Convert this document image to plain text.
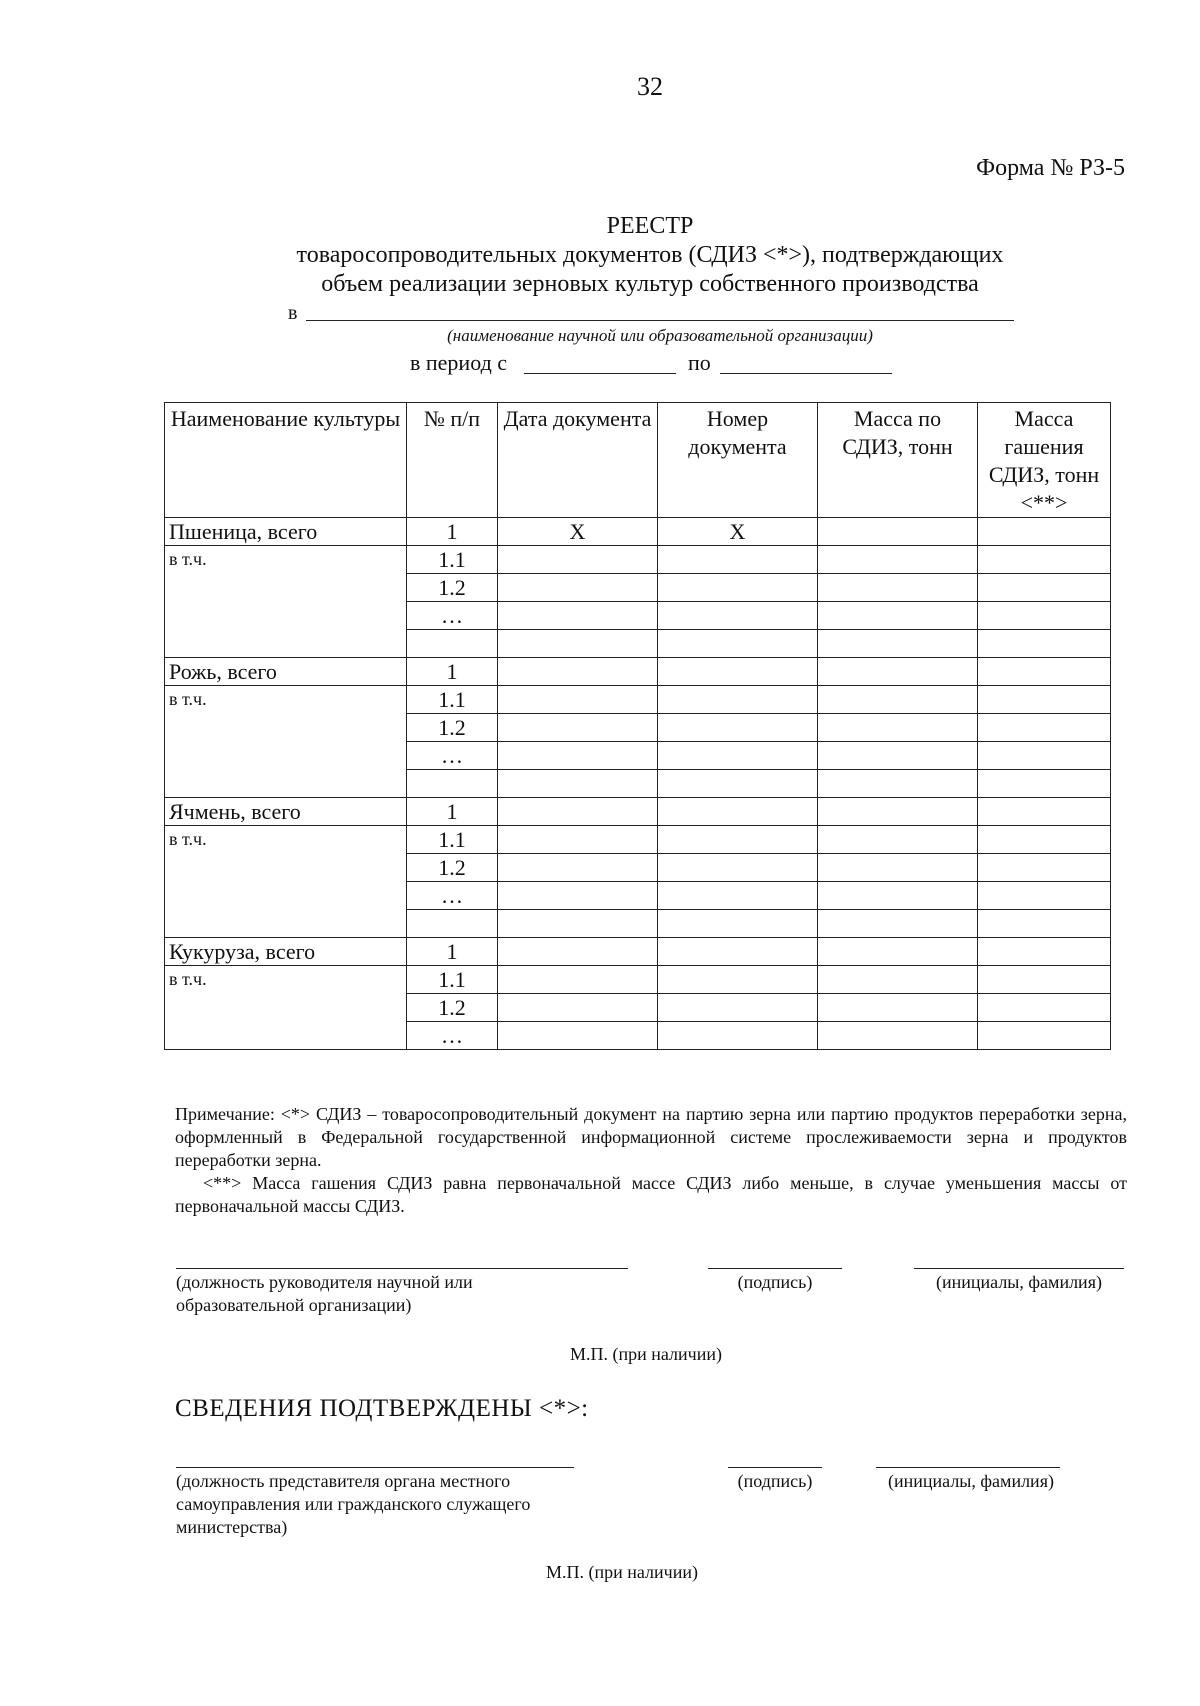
32
Форма № РЗ-5
РЕЕСТР
товаросопроводительных документов (СДИЗ <*>), подтверждающих
объем реализации зерновых культур собственного производства
в
(наименование научной или образовательной организации)
в период с	по
Наименование культуры	№ п/п	Дата документа	Номер документа	Масса по СДИЗ, тонн	Масса гашения СДИЗ, тонн <**>
Пшеница, всего	1	Х	Х		
в т.ч.	1.1				
	1.2				
	…				

Рожь, всего	1				
в т.ч.	1.1				
	1.2				
	…				

Ячмень, всего	1				
в т.ч.	1.1				
	1.2				
	…				

Кукуруза, всего	1				
в т.ч.	1.1				
	1.2				
	…				
Примечание: <*> СДИЗ – товаросопроводительный документ на партию зерна или партию продуктов переработки зерна, оформленный в Федеральной государственной информационной системе прослеживаемости зерна и продуктов переработки зерна.
<**> Масса гашения СДИЗ равна первоначальной массе СДИЗ либо меньше, в случае уменьшения массы от первоначальной массы СДИЗ.
(должность руководителя научной или образовательной организации)
(подпись)	(инициалы, фамилия)
М.П. (при наличии)
СВЕДЕНИЯ ПОДТВЕРЖДЕНЫ <*>:
(должность представителя органа местного самоуправления или гражданского служащего министерства)
(подпись)	(инициалы, фамилия)
М.П. (при наличии)
